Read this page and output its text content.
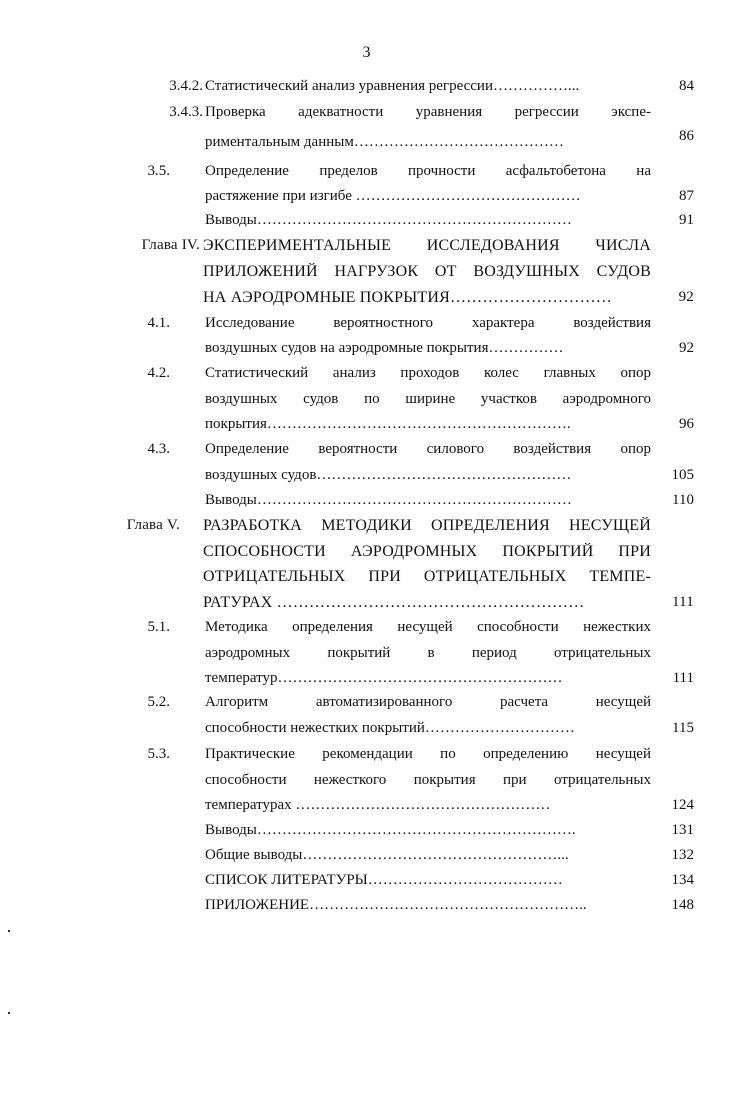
3
3.4.2. Статистический анализ уравнения регрессии……………...	84
3.4.3. Проверка адекватности уравнения регрессии экспе-
риментальным данным……………………………………	86
3.5. Определение пределов прочности асфальтобетона на
растяжение при изгибе ………………………………………	87
Выводы………………………………………………………	91
Глава IV. ЭКСПЕРИМЕНТАЛЬНЫЕ ИССЛЕДОВАНИЯ ЧИСЛА
ПРИЛОЖЕНИЙ НАГРУЗОК ОТ ВОЗДУШНЫХ СУДОВ
НА АЭРОДРОМНЫЕ ПОКРЫТИЯ…………………………	92
4.1. Исследование вероятностного характера воздействия
воздушных судов на аэродромные покрытия……………	92
4.2. Статистический анализ проходов колес главных опор
воздушных судов по ширине участков аэродромного
покрытия…………………………………………………….	96
4.3. Определение вероятности силового воздействия опор
воздушных судов……………………………………………	105
Выводы………………………………………………………	110
Глава V. РАЗРАБОТКА МЕТОДИКИ ОПРЕДЕЛЕНИЯ НЕСУЩЕЙ
СПОСОБНОСТИ АЭРОДРОМНЫХ ПОКРЫТИЙ ПРИ
ОТРИЦАТЕЛЬНЫХ ПРИ ОТРИЦАТЕЛЬНЫХ ТЕМПЕ-
РАТУРАХ …………………………………………………	111
5.1. Методика определения несущей способности нежестких
аэродромных покрытий в период отрицательных
температур…………………………………………………	111
5.2. Алгоритм автоматизированного расчета несущей
способности нежестких покрытий…………………………	115
5.3. Практические рекомендации по определению несущей
способности нежесткого покрытия при отрицательных
температурах ……………………………………………	124
Выводы……………………………………………………….	131
Общие выводы……………………………………………...	132
СПИСОК ЛИТЕРАТУРЫ…………………………………	134
ПРИЛОЖЕНИЕ………………………………………………..	148
